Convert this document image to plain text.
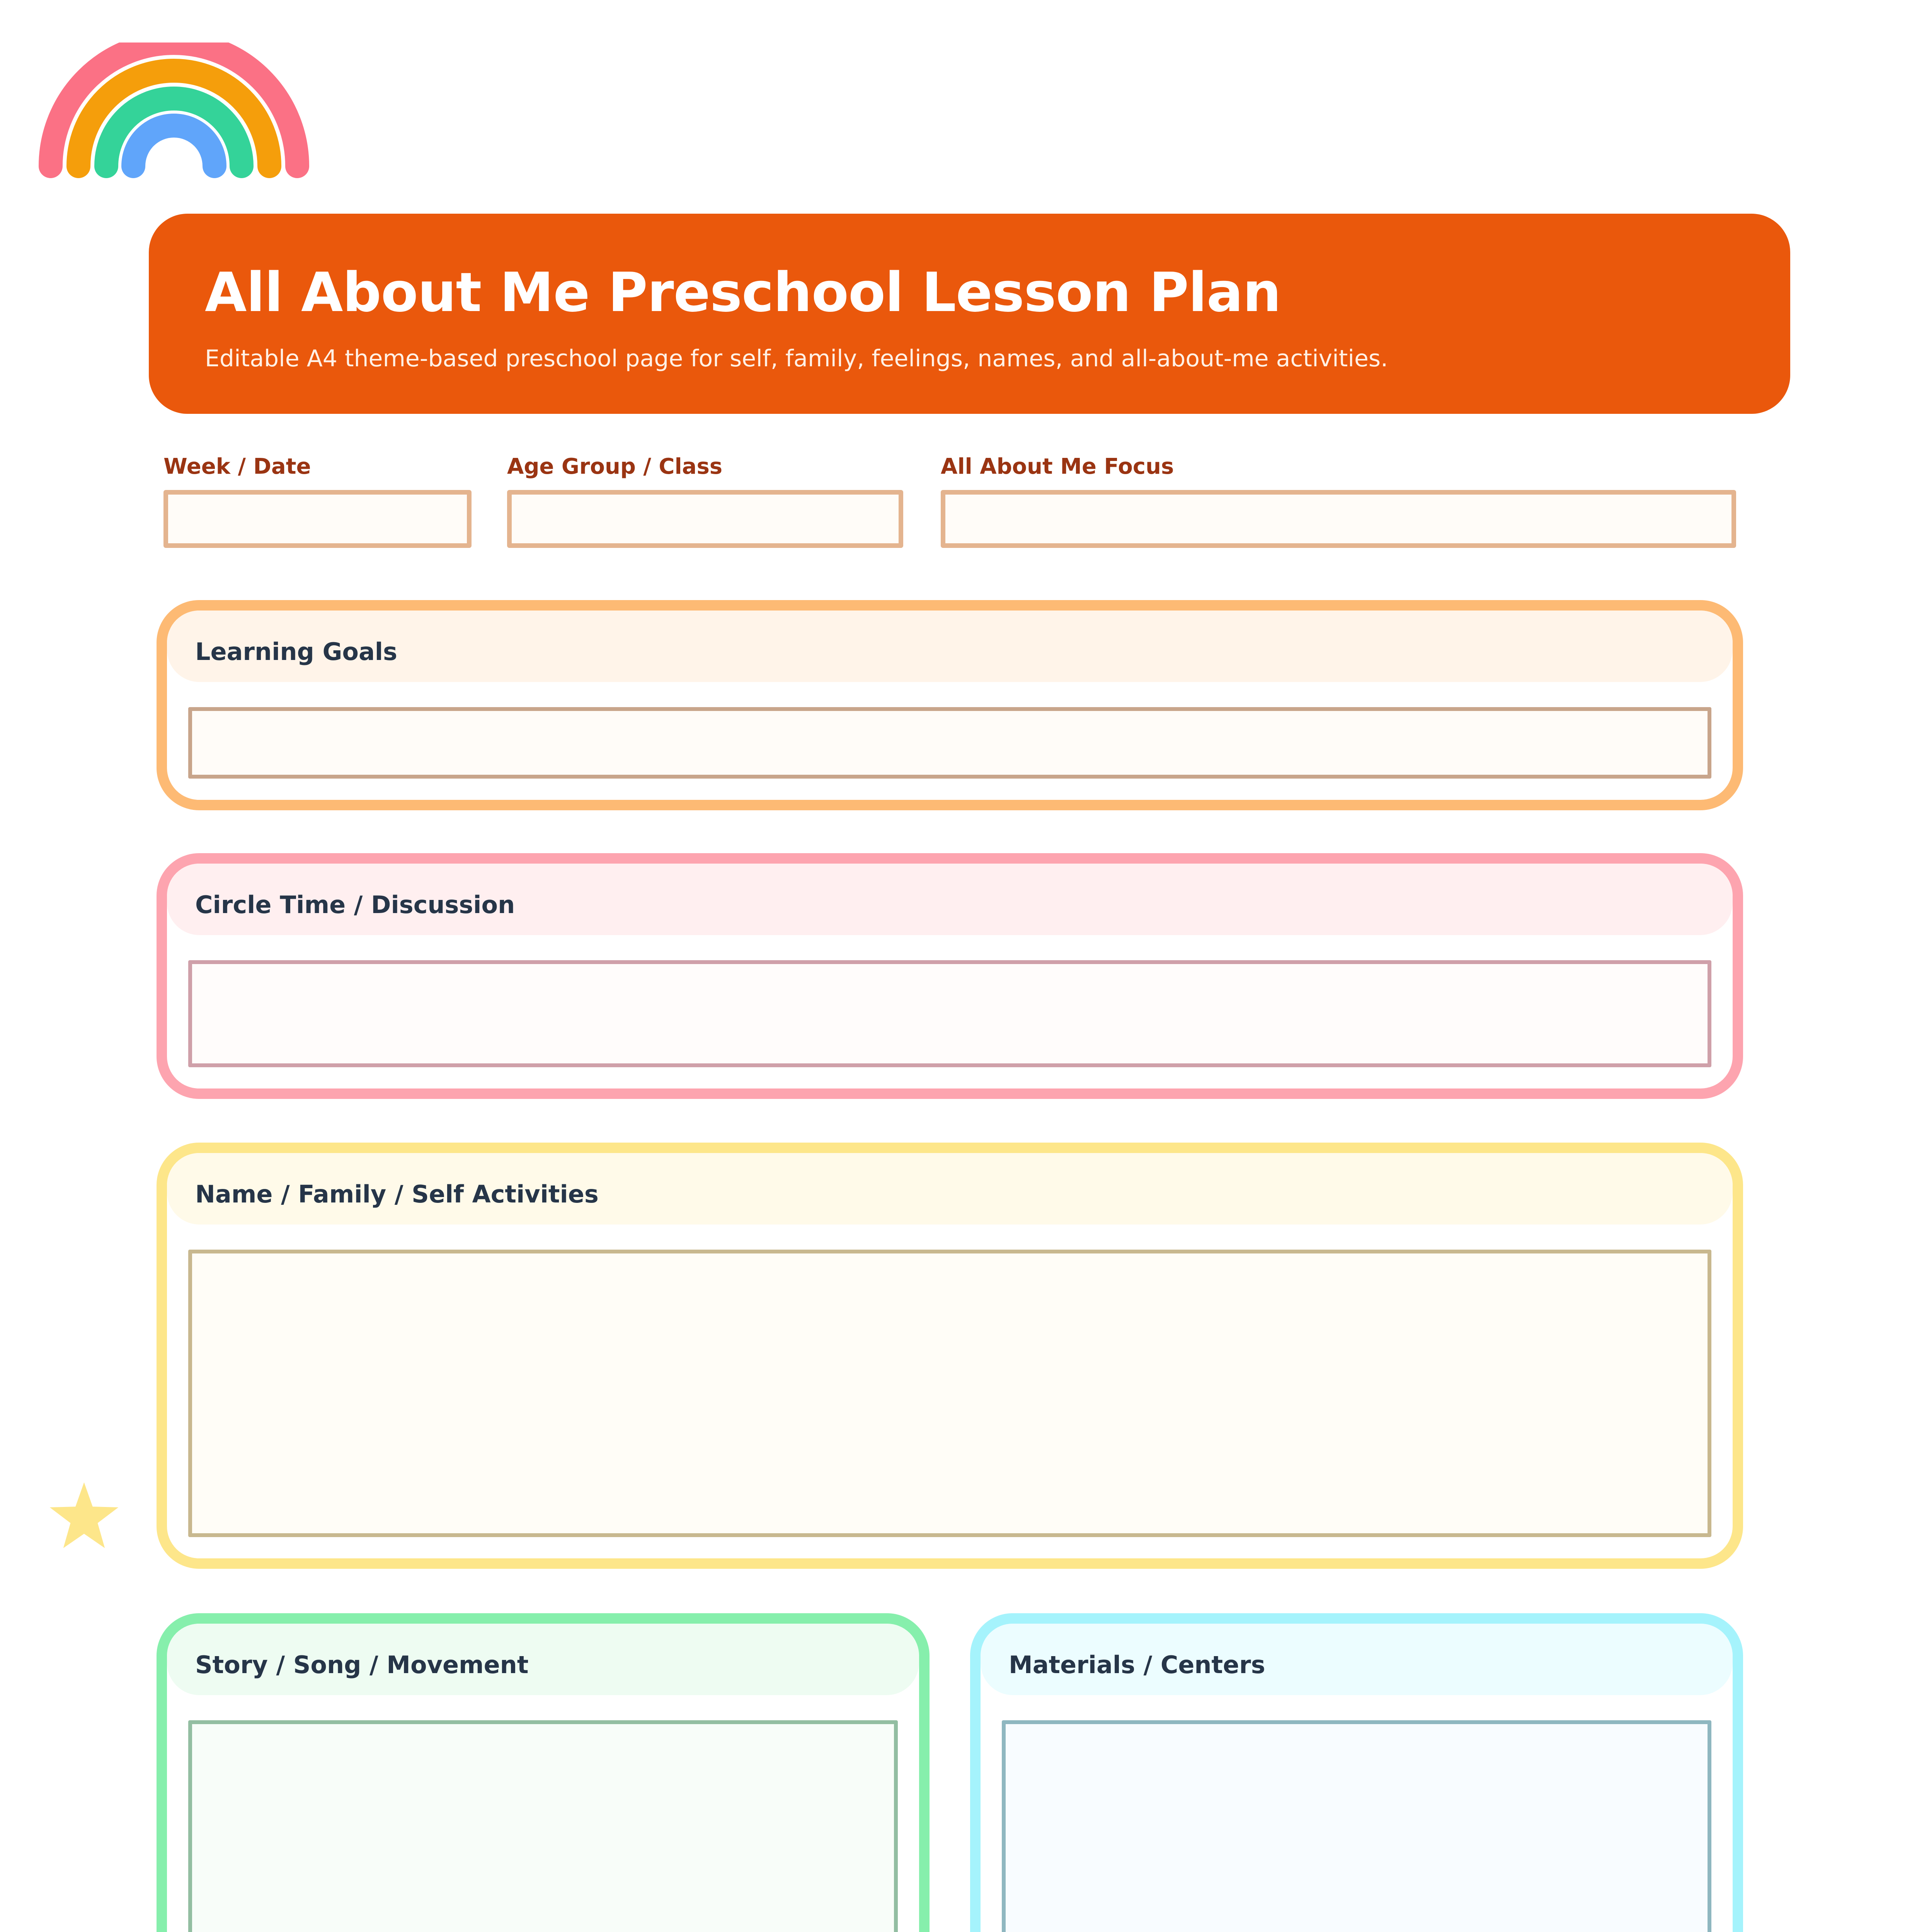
All About Me Preschool Lesson Plan

Editable A4 theme-based preschool page for self, family, feelings, names, and all-about-me activities.

Week / Date	Age Group / Class	All About Me Focus
Learning Goals
Circle Time / Discussion
Name / Family / Self Activities
Story / Song / Movement	Materials / Centers
